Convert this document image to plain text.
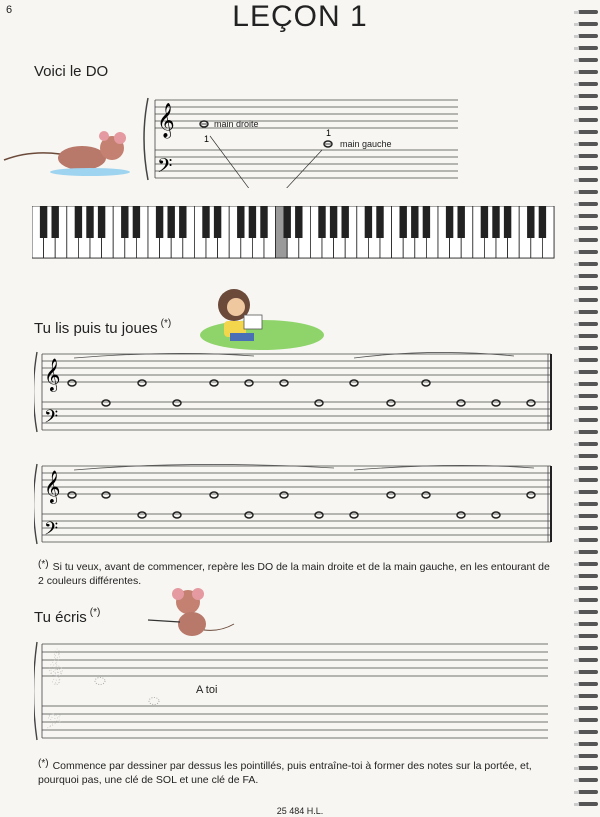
6	LEÇON 1
Voici le DO
𝄞
𝄢
1
1
main droite
main gauche
Tu lis puis tu joues (*)
𝄞
𝄢
𝄞
𝄢
(*) Si tu veux, avant de commencer, repère les DO de la main droite et de la main gauche, en les entourant de 2 couleurs différentes.
Tu écris (*)
𝄞
𝄢
A toi
(*) Commence par dessiner par dessus les pointillés, puis entraîne-toi à former des notes sur la portée, et, pourquoi pas, une clé de SOL et une clé de FA.
25 484 H.L.
